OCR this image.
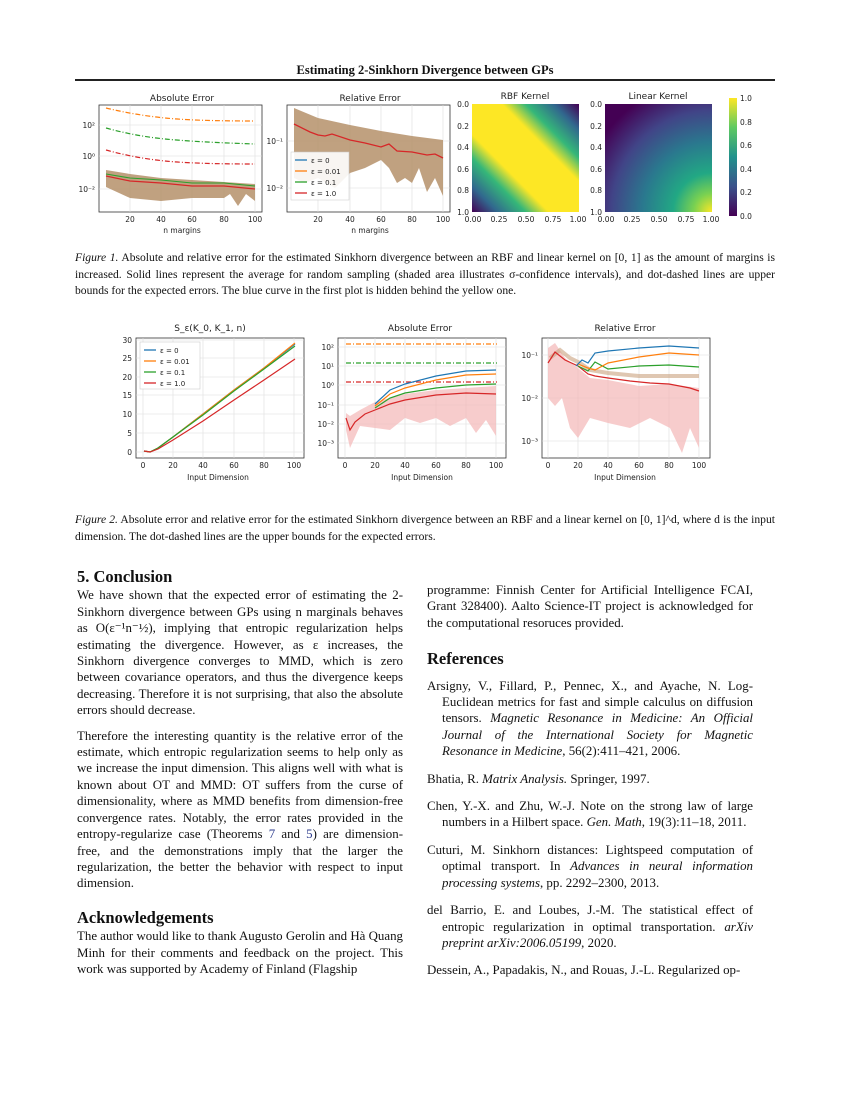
Estimating 2-Sinkhorn Divergence between GPs
Absolute Error
10²
10⁰
10⁻²
20	40	60	80	100
n margins
Relative Error
ε = 0
ε = 0.01
ε = 0.1
ε = 1.0
10⁻¹
10⁻²
20	40	60	80	100
n margins
RBF Kernel
0.0
0.2
0.4
0.6
0.8
1.0
0.00 0.25 0.50 0.75 1.00
Linear Kernel
0.0
0.2
0.4
0.6
0.8
1.0
0.00 0.25 0.50 0.75 1.00
1.0
0.8
0.6
0.4
0.2
0.0
Figure 1. Absolute and relative error for the estimated Sinkhorn divergence between an RBF and linear kernel on [0, 1] as the amount of margins is increased. Solid lines represent the average for random sampling (shaded area illustrates σ-confidence intervals), and dot-dashed lines are upper bounds for the expected errors. The blue curve in the first plot is hidden behind the yellow one.
S_ε(K_0, K_1, n)
ε = 0
ε = 0.01
ε = 0.1
ε = 1.0
0
5
10
15
20
25
30
0	20	40	60	80 100
Input Dimension
Absolute Error
10²
10¹
10⁰
10⁻¹
10⁻²
10⁻³
0	20	40	60	80 100
Input Dimension
Relative Error
10⁻¹
10⁻²
10⁻³
0	20	40	60	80 100
Input Dimension
Figure 2. Absolute error and relative error for the estimated Sinkhorn divergence between an RBF and a linear kernel on [0, 1]^d, where d is the input dimension. The dot-dashed lines are the upper bounds for the expected errors.
5. Conclusion

We have shown that the expected error of estimating the 2-Sinkhorn divergence between GPs using n marginals behaves as O(ε⁻¹n⁻½), implying that entropic regularization helps estimating the divergence. However, as ε increases, the Sinkhorn divergence converges to MMD, which is zero between covariance operators, and thus the divergence keeps decreasing. Therefore it is not surprising, that also the absolute errors should decrease.

Therefore the interesting quantity is the relative error of the estimate, which entropic regularization seems to help only as we increase the input dimension. This aligns well with what is known about OT and MMD: OT suffers from the curse of dimensionality, where as MMD benefits from dimension-free convergence rates. Notably, the error rates provided in the entropy-regularize case (Theorems 7 and 5) are dimension-free, and the demonstrations imply that the larger the regularization, the better the behavior with respect to input dimension.

Acknowledgements

The author would like to thank Augusto Gerolin and Hà Quang Minh for their comments and feedback on the project. This work was supported by Academy of Finland (Flagship

programme: Finnish Center for Artificial Intelligence FCAI, Grant 328400). Aalto Science-IT project is acknowledged for the computational resoruces provided.

References
Arsigny, V., Fillard, P., Pennec, X., and Ayache, N. Log-Euclidean metrics for fast and simple calculus on diffusion tensors. Magnetic Resonance in Medicine: An Official Journal of the International Society for Magnetic Resonance in Medicine, 56(2):411–421, 2006.
Bhatia, R. Matrix Analysis. Springer, 1997.
Chen, Y.-X. and Zhu, W.-J. Note on the strong law of large numbers in a Hilbert space. Gen. Math, 19(3):11–18, 2011.
Cuturi, M. Sinkhorn distances: Lightspeed computation of optimal transport. In Advances in neural information processing systems, pp. 2292–2300, 2013.
del Barrio, E. and Loubes, J.-M. The statistical effect of entropic regularization in optimal transportation. arXiv preprint arXiv:2006.05199, 2020.
Dessein, A., Papadakis, N., and Rouas, J.-L. Regularized op-
